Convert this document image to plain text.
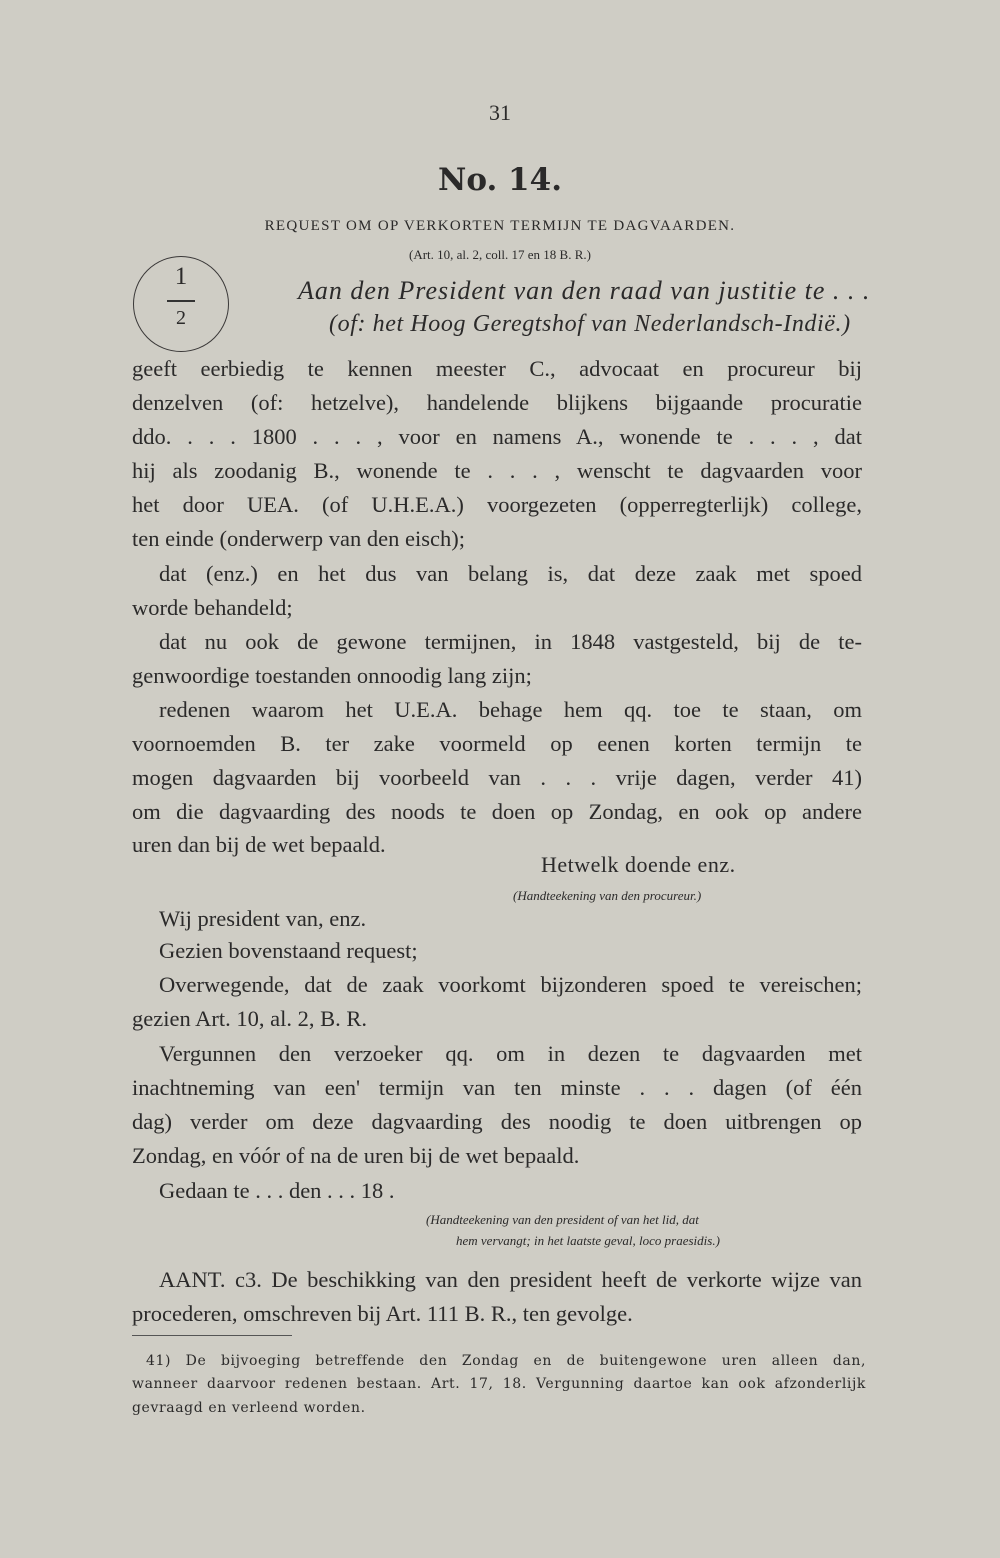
31
No. 14.
REQUEST OM OP VERKORTEN TERMIJN TE DAGVAARDEN.
(Art. 10, al. 2, coll. 17 en 18 B. R.)
1
2
Aan den President van den raad van justitie te . . .
(of: het Hoog Geregtshof van Nederlandsch-Indië.)
geeft eerbiedig te kennen meester C., advocaat en procureur bij
denzelven (of: hetzelve), handelende blijkens bijgaande procuratie
ddo. . . . 1800 . . . , voor en namens A., wonende te . . . , dat
hij als zoodanig B., wonende te . . . , wenscht te dagvaarden voor
het door UEA. (of U.H.E.A.) voorgezeten (opperregterlijk) college,
ten einde (onderwerp van den eisch);
dat (enz.) en het dus van belang is, dat deze zaak met spoed
worde behandeld;
dat nu ook de gewone termijnen, in 1848 vastgesteld, bij de te-
genwoordige toestanden onnoodig lang zijn;
redenen waarom het U.E.A. behage hem qq. toe te staan, om
voornoemden B. ter zake voormeld op eenen korten termijn te
mogen dagvaarden bij voorbeeld van . . . vrije dagen, verder 41)
om die dagvaarding des noods te doen op Zondag, en ook op andere
uren dan bij de wet bepaald.
Hetwelk doende enz.
(Handteekening van den procureur.)
Wij president van, enz.
Gezien bovenstaand request;
Overwegende, dat de zaak voorkomt bijzonderen spoed te vereischen;
gezien Art. 10, al. 2, B. R.
Vergunnen den verzoeker qq. om in dezen te dagvaarden met
inachtneming van een' termijn van ten minste . . . dagen (of één
dag) verder om deze dagvaarding des noodig te doen uitbrengen op
Zondag, en vóór of na de uren bij de wet bepaald.
Gedaan te . . . den . . . 18 .
(Handteekening van den president of van het lid, dat
hem vervangt; in het laatste geval, loco praesidis.)
AANT. c3. De beschikking van den president heeft de verkorte wijze van procederen, omschreven bij Art. 111 B. R., ten gevolge.
41) De bijvoeging betreffende den Zondag en de buitengewone uren alleen dan,
wanneer daarvoor redenen bestaan. Art. 17, 18. Vergunning daartoe kan ook afzonderlijk
gevraagd en verleend worden.
